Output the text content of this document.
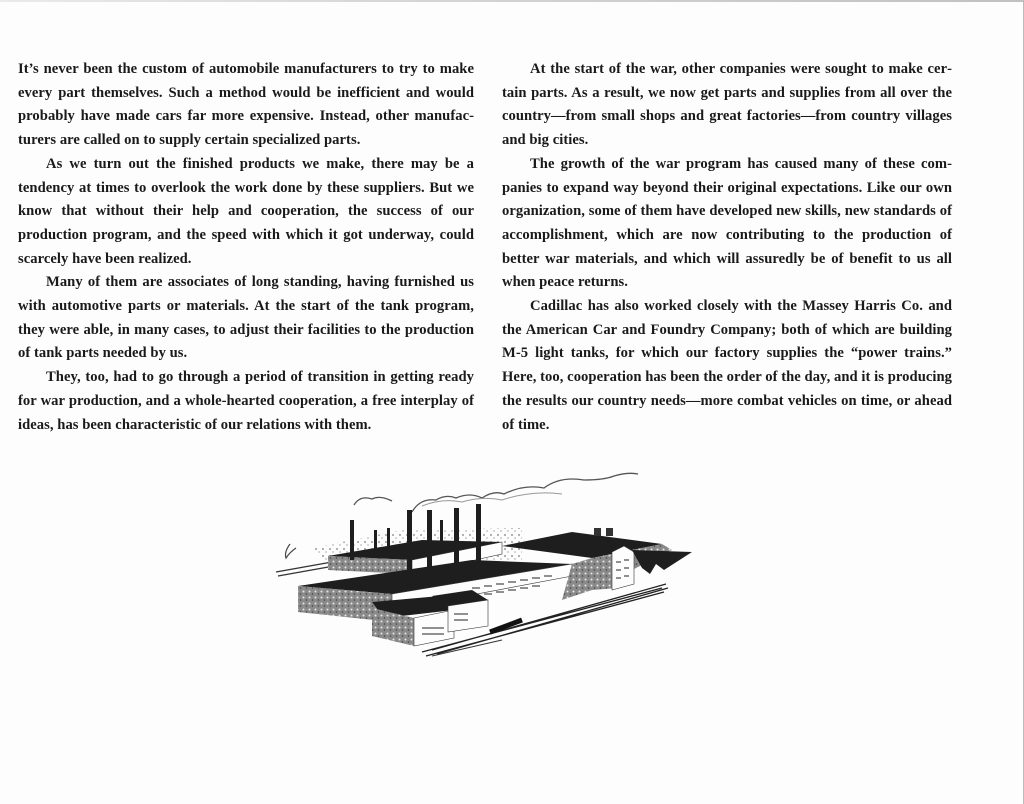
It’s never been the custom of automobile manufacturers to try to make every part themselves. Such a method would be inefficient and would probably have made cars far more expensive. Instead, other manufacturers are called on to supply certain specialized parts.

As we turn out the finished products we make, there may be a tendency at times to overlook the work done by these suppliers. But we know that without their help and cooperation, the success of our production program, and the speed with which it got underway, could scarcely have been realized.

Many of them are associates of long standing, having furnished us with automotive parts or materials. At the start of the tank program, they were able, in many cases, to adjust their facilities to the production of tank parts needed by us.

They, too, had to go through a period of transition in getting ready for war production, and a whole-hearted cooperation, a free interplay of ideas, has been characteristic of our relations with them.

At the start of the war, other companies were sought to make certain parts. As a result, we now get parts and supplies from all over the country—from small shops and great factories—from country villages and big cities.

The growth of the war program has caused many of these companies to expand way beyond their original expectations. Like our own organization, some of them have developed new skills, new standards of accomplishment, which are now contributing to the production of better war materials, and which will assuredly be of benefit to us all when peace returns.

Cadillac has also worked closely with the Massey Harris Co. and the American Car and Foundry Company; both of which are building M-5 light tanks, for which our factory supplies the “power trains.” Here, too, cooperation has been the order of the day, and it is producing the results our country needs—more combat vehicles on time, or ahead of time.
